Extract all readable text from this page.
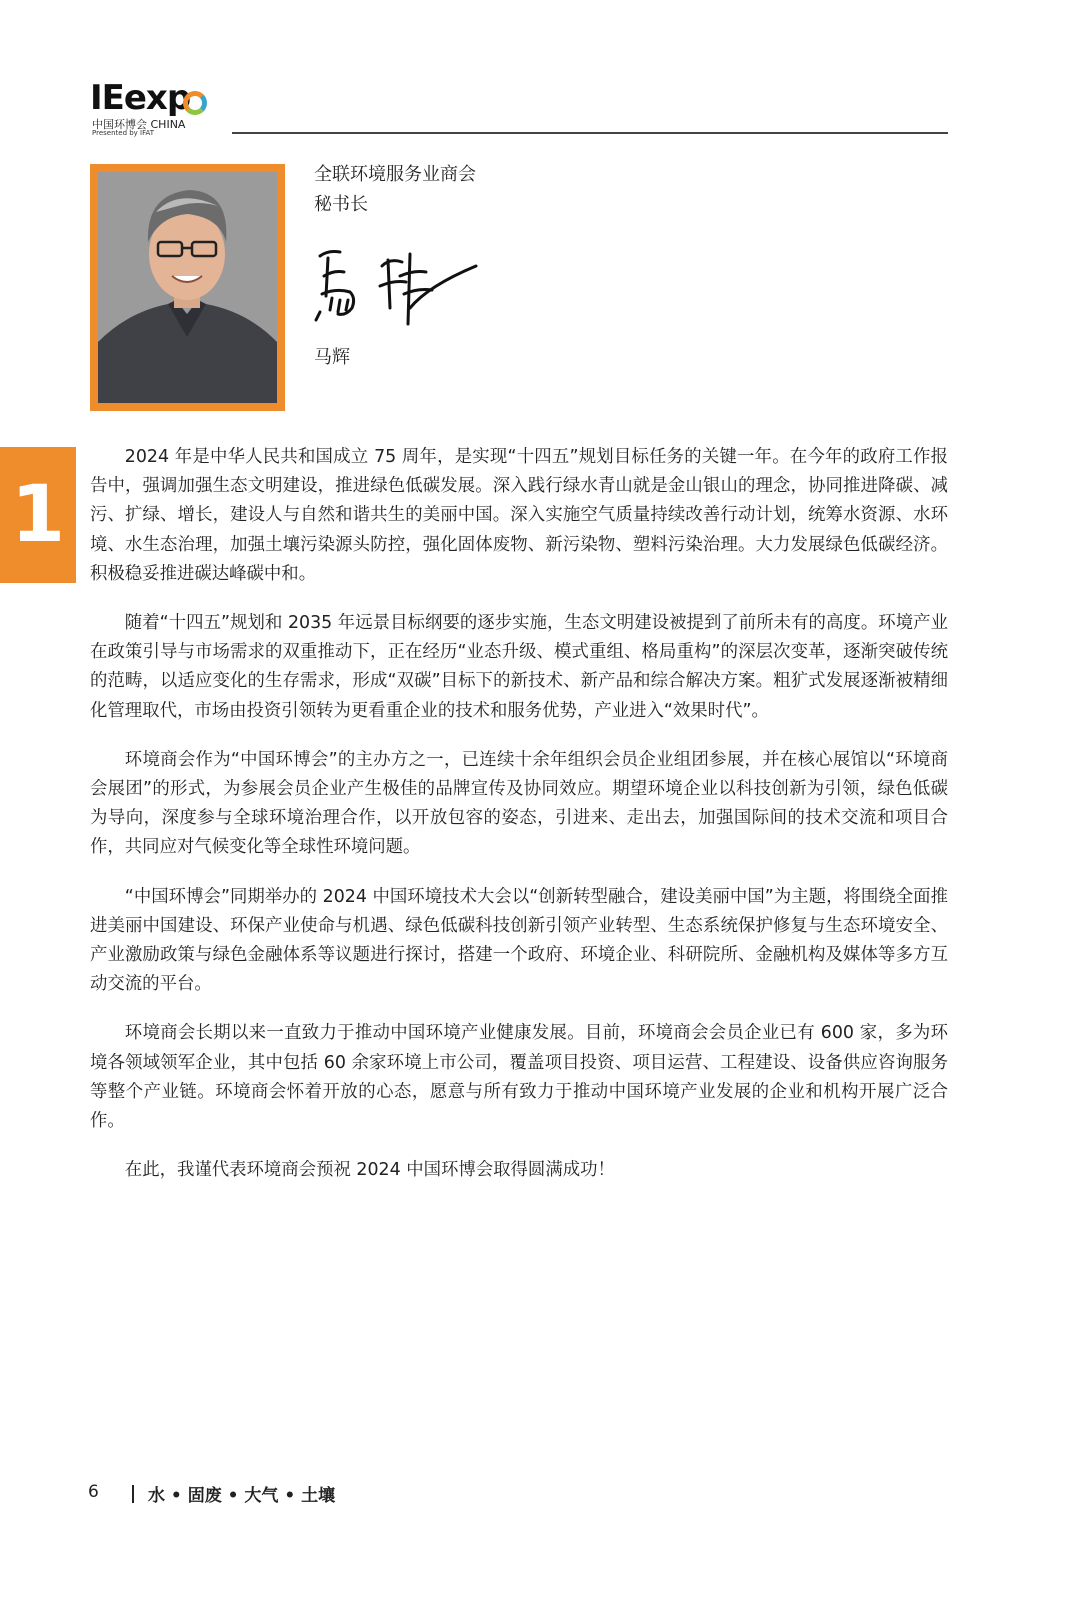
IEexp
中国环博会 CHINA
Presented by IFAT
全联环境服务业商会
秘书长
马辉
1

2024 年是中华人民共和国成立 75 周年，是实现“十四五”规划目标任务的关键一年。在今年的政府工作报告中，强调加强生态文明建设，推进绿色低碳发展。深入践行绿水青山就是金山银山的理念，协同推进降碳、减污、扩绿、增长，建设人与自然和谐共生的美丽中国。深入实施空气质量持续改善行动计划，统筹水资源、水环境、水生态治理，加强土壤污染源头防控，强化固体废物、新污染物、塑料污染治理。大力发展绿色低碳经济。积极稳妥推进碳达峰碳中和。

随着“十四五”规划和 2035 年远景目标纲要的逐步实施，生态文明建设被提到了前所未有的高度。环境产业在政策引导与市场需求的双重推动下，正在经历“业态升级、模式重组、格局重构”的深层次变革，逐渐突破传统的范畴，以适应变化的生存需求，形成“双碳”目标下的新技术、新产品和综合解决方案。粗犷式发展逐渐被精细化管理取代，市场由投资引领转为更看重企业的技术和服务优势，产业进入“效果时代”。

环境商会作为“中国环博会”的主办方之一，已连续十余年组织会员企业组团参展，并在核心展馆以“环境商会展团”的形式，为参展会员企业产生极佳的品牌宣传及协同效应。期望环境企业以科技创新为引领，绿色低碳为导向，深度参与全球环境治理合作，以开放包容的姿态，引进来、走出去，加强国际间的技术交流和项目合作，共同应对气候变化等全球性环境问题。

“中国环博会”同期举办的 2024 中国环境技术大会以“创新转型融合，建设美丽中国”为主题，将围绕全面推进美丽中国建设、环保产业使命与机遇、绿色低碳科技创新引领产业转型、生态系统保护修复与生态环境安全、产业激励政策与绿色金融体系等议题进行探讨，搭建一个政府、环境企业、科研院所、金融机构及媒体等多方互动交流的平台。

环境商会长期以来一直致力于推动中国环境产业健康发展。目前，环境商会会员企业已有 600 家，多为环境各领域领军企业，其中包括 60 余家环境上市公司，覆盖项目投资、项目运营、工程建设、设备供应咨询服务等整个产业链。环境商会怀着开放的心态，愿意与所有致力于推动中国环境产业发展的企业和机构开展广泛合作。

在此，我谨代表环境商会预祝 2024 中国环博会取得圆满成功！

6	水 • 固废 • 大气 • 土壤
